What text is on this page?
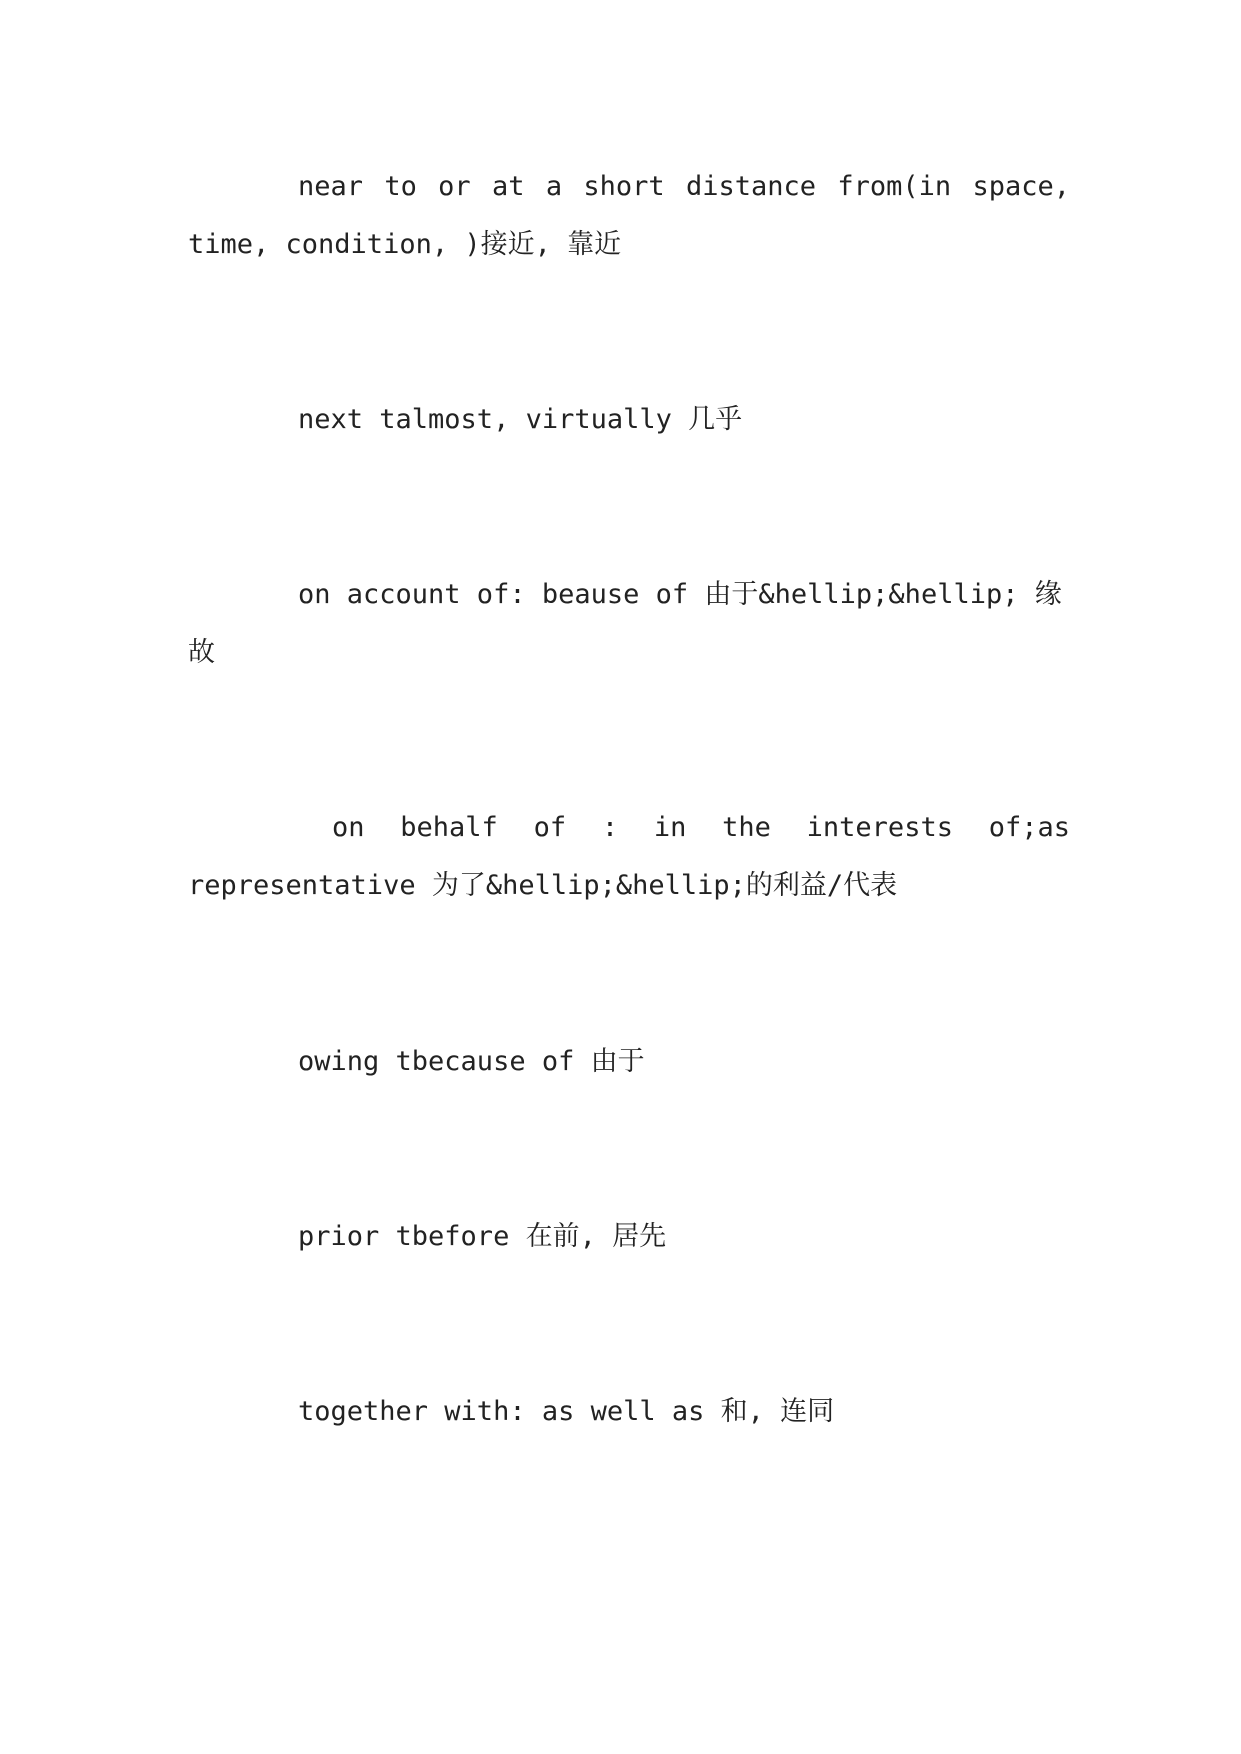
near to or at a short distance from(in space, time, condition, )接近, 靠近

next talmost, virtually 几乎

on account of: beause of 由于&hellip;&hellip; 缘故

on behalf of : in the interests of;as representative 为了&hellip;&hellip;的利益/代表

owing tbecause of 由于

prior tbefore 在前, 居先

together with: as well as 和, 连同
